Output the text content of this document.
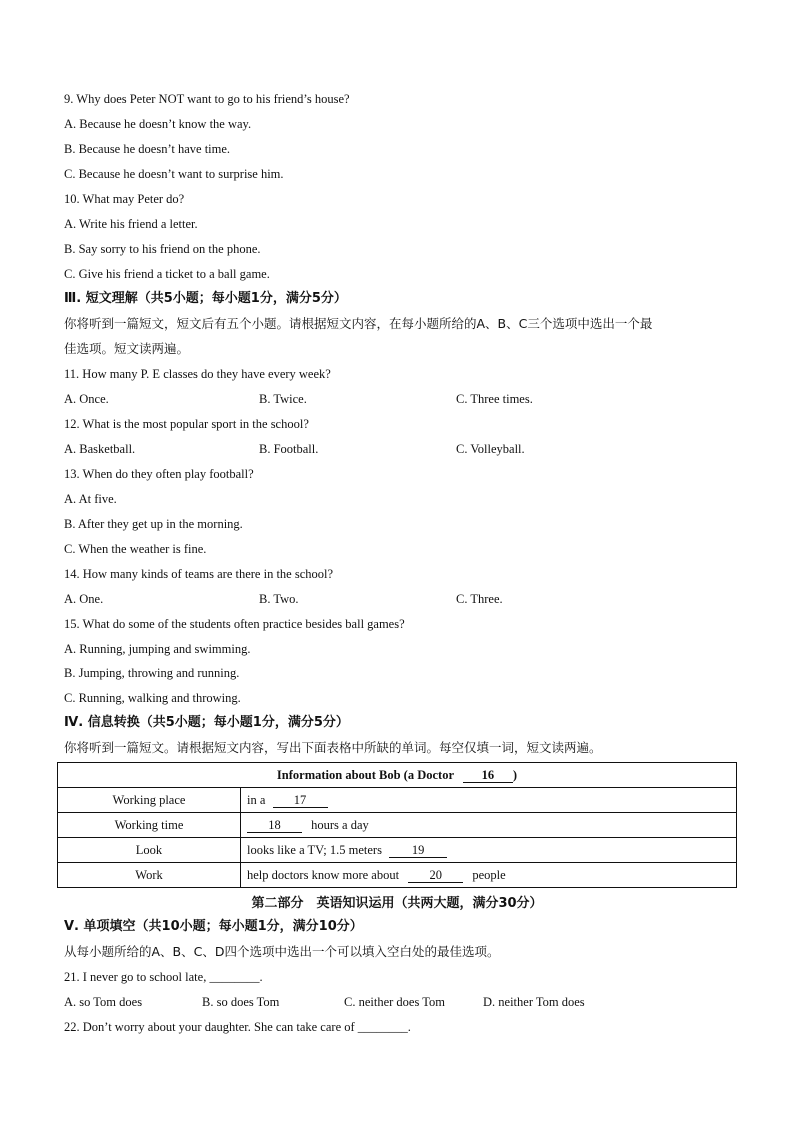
9. Why does Peter NOT want to go to his friend’s house?
A. Because he doesn’t know the way.
B. Because he doesn’t have time.
C. Because he doesn’t want to surprise him.
10. What may Peter do?
A. Write his friend a letter.
B. Say sorry to his friend on the phone.
C. Give his friend a ticket to a ball game.
Ⅲ. 短文理解（共5小题；每小题1分，满分5分）
你将听到一篇短文，短文后有五个小题。请根据短文内容，在每小题所给的A、B、C三个选项中选出一个最
佳选项。短文读两遍。
11. How many P. E classes do they have every week?
A. Once.	B. Twice.	C. Three times.
12. What is the most popular sport in the school?
A. Basketball.	B. Football.	C. Volleyball.
13. When do they often play football?
A. At five.
B. After they get up in the morning.
C. When the weather is fine.
14. How many kinds of teams are there in the school?
A. One.	B. Two.	C. Three.
15. What do some of the students often practice besides ball games?
A. Running, jumping and swimming.
B. Jumping, throwing and running.
C. Running, walking and throwing.
Ⅳ. 信息转换（共5小题；每小题1分，满分5分）
你将听到一篇短文。请根据短文内容，写出下面表格中所缺的单词。每空仅填一词，短文读两遍。
Information about Bob (a Doctor 16 )	
Working place	in a 17
Working time	18 hours a day
Look	looks like a TV; 1.5 meters 19
Work	help doctors know more about 20 people
第二部分　英语知识运用（共两大题，满分30分）
Ⅴ. 单项填空（共10小题；每小题1分，满分10分）
从每小题所给的A、B、C、D四个选项中选出一个可以填入空白处的最佳选项。
21. I never go to school late, ________.
A. so Tom does	B. so does Tom	C. neither does Tom	D. neither Tom does
22. Don’t worry about your daughter. She can take care of ________.
